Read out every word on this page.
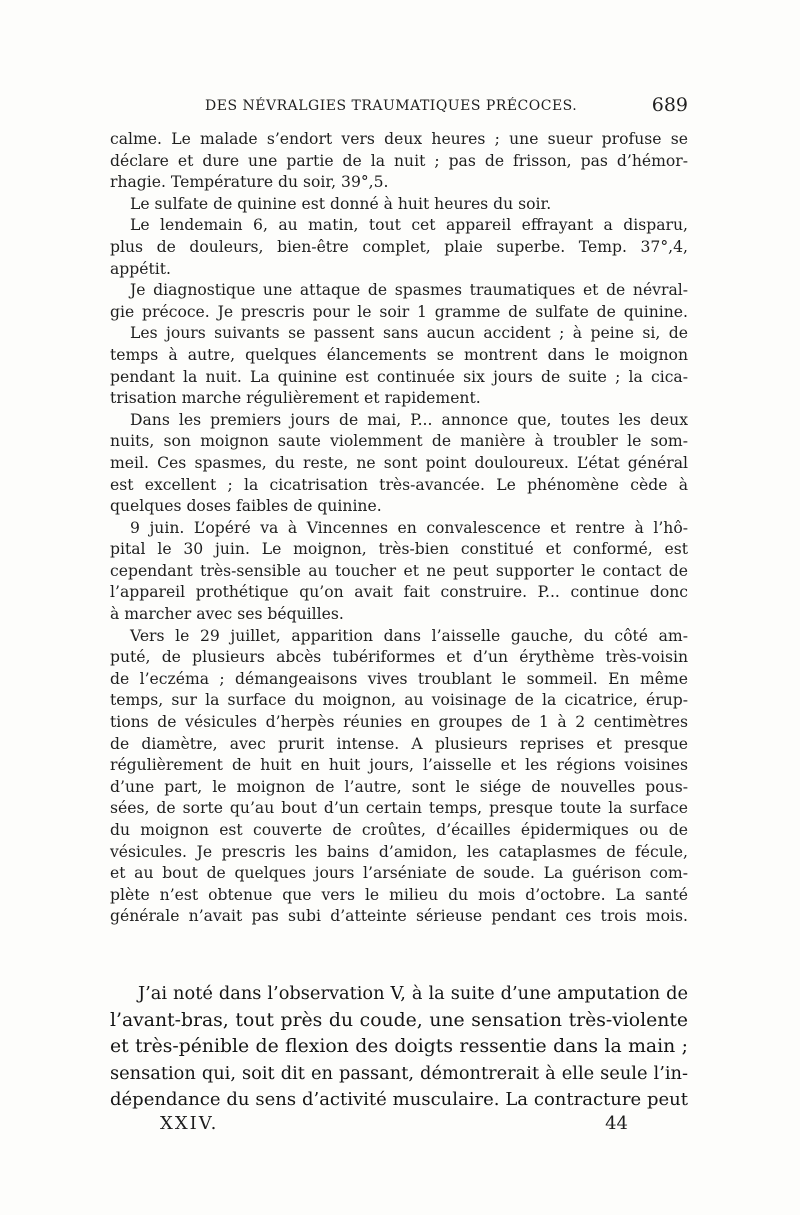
DES NÉVRALGIES TRAUMATIQUES PRÉCOCES.	689
calme. Le malade s’endort vers deux heures ; une sueur profuse se
déclare et dure une partie de la nuit ; pas de frisson, pas d’hémor-
rhagie. Température du soir, 39°,5.
Le sulfate de quinine est donné à huit heures du soir.
Le lendemain 6, au matin, tout cet appareil effrayant a disparu,
plus de douleurs, bien-être complet, plaie superbe. Temp. 37°,4,
appétit.
Je diagnostique une attaque de spasmes traumatiques et de névral-
gie précoce. Je prescris pour le soir 1 gramme de sulfate de quinine.
Les jours suivants se passent sans aucun accident ; à peine si, de
temps à autre, quelques élancements se montrent dans le moignon
pendant la nuit. La quinine est continuée six jours de suite ; la cica-
trisation marche régulièrement et rapidement.
Dans les premiers jours de mai, P... annonce que, toutes les deux
nuits, son moignon saute violemment de manière à troubler le som-
meil. Ces spasmes, du reste, ne sont point douloureux. L’état général
est excellent ; la cicatrisation très-avancée. Le phénomène cède à
quelques doses faibles de quinine.
9 juin. L’opéré va à Vincennes en convalescence et rentre à l’hô-
pital le 30 juin. Le moignon, très-bien constitué et conformé, est
cependant très-sensible au toucher et ne peut supporter le contact de
l’appareil prothétique qu’on avait fait construire. P... continue donc
à marcher avec ses béquilles.
Vers le 29 juillet, apparition dans l’aisselle gauche, du côté am-
puté, de plusieurs abcès tubériformes et d’un érythème très-voisin
de l’eczéma ; démangeaisons vives troublant le sommeil. En même
temps, sur la surface du moignon, au voisinage de la cicatrice, érup-
tions de vésicules d’herpès réunies en groupes de 1 à 2 centimètres
de diamètre, avec prurit intense. A plusieurs reprises et presque
régulièrement de huit en huit jours, l’aisselle et les régions voisines
d’une part, le moignon de l’autre, sont le siége de nouvelles pous-
sées, de sorte qu’au bout d’un certain temps, presque toute la surface
du moignon est couverte de croûtes, d’écailles épidermiques ou de
vésicules. Je prescris les bains d’amidon, les cataplasmes de fécule,
et au bout de quelques jours l’arséniate de soude. La guérison com-
plète n’est obtenue que vers le milieu du mois d’octobre. La santé
générale n’avait pas subi d’atteinte sérieuse pendant ces trois mois.
J’ai noté dans l’observation V, à la suite d’une amputation de
l’avant-bras, tout près du coude, une sensation très-violente
et très-pénible de flexion des doigts ressentie dans la main ;
sensation qui, soit dit en passant, démontrerait à elle seule l’in-
dépendance du sens d’activité musculaire. La contracture peut
XXIV.	44
